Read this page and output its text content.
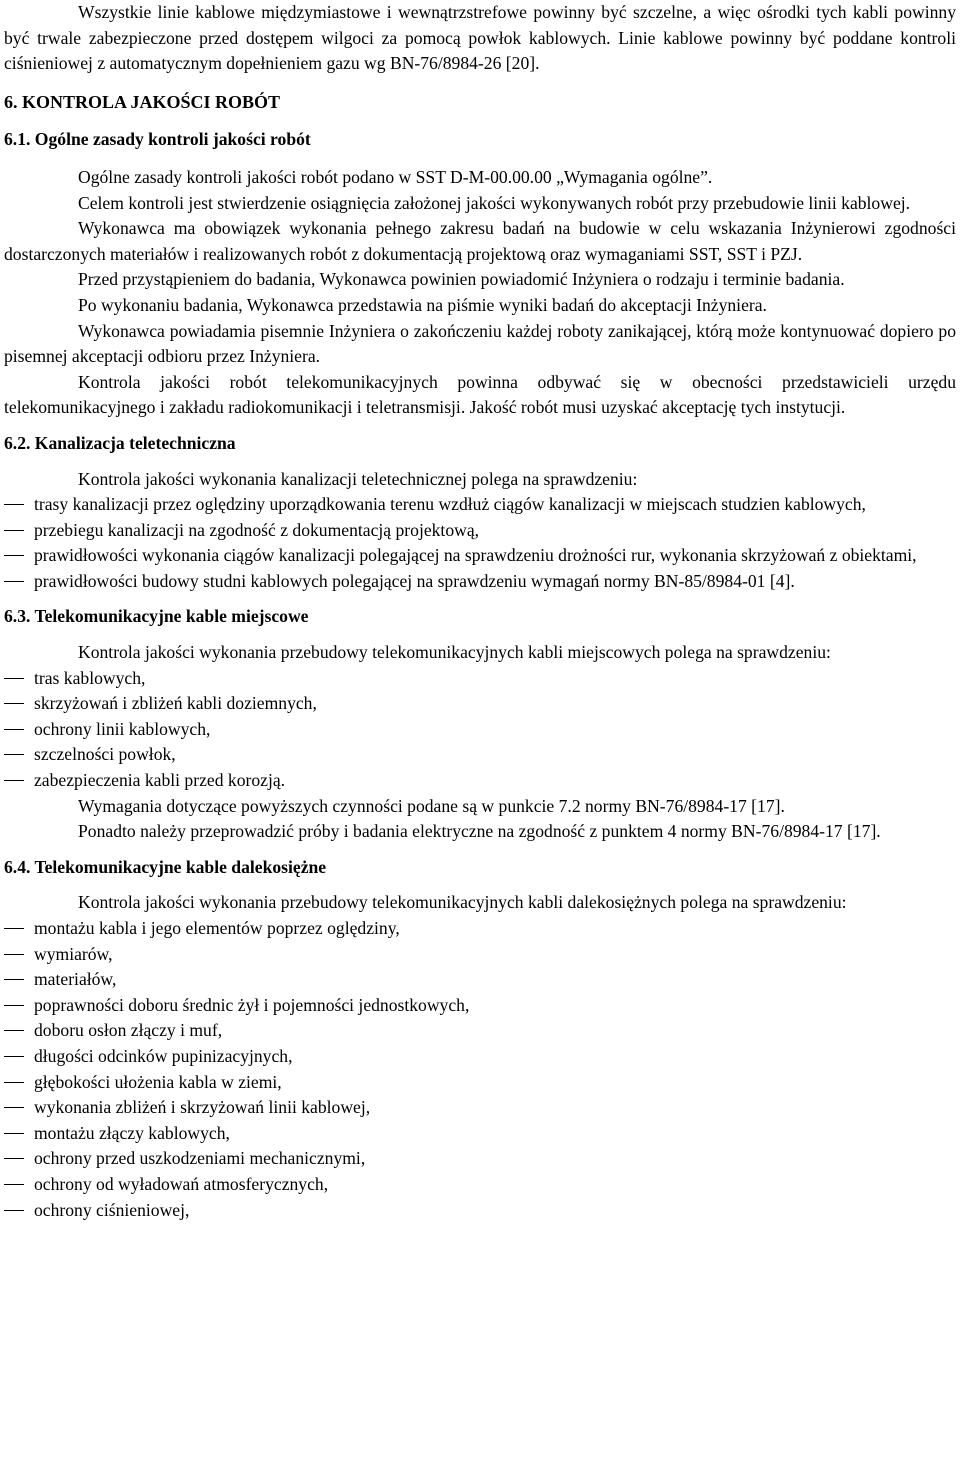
Wszystkie linie kablowe międzymiastowe i wewnątrzstrefowe powinny być szczelne, a więc ośrodki tych kabli powinny być trwale zabezpieczone przed dostępem wilgoci za pomocą powłok kablowych. Linie kablowe powinny być poddane kontroli ciśnieniowej z automatycznym dopełnieniem gazu wg BN-76/8984-26 [20].

6. KONTROLA JAKOŚCI ROBÓT
6.1. Ogólne zasady kontroli jakości robót

Ogólne zasady kontroli jakości robót podano w SST D-M-00.00.00 „Wymagania ogólne”.

Celem kontroli jest stwierdzenie osiągnięcia założonej jakości wykonywanych robót przy przebudowie linii kablowej.

Wykonawca ma obowiązek wykonania pełnego zakresu badań na budowie w celu wskazania Inżynierowi zgodności dostarczonych materiałów i realizowanych robót z dokumentacją projektową oraz wymaganiami SST, SST i PZJ.

Przed przystąpieniem do badania, Wykonawca powinien powiadomić Inżyniera o rodzaju i terminie badania.

Po wykonaniu badania, Wykonawca przedstawia na piśmie wyniki badań do akceptacji Inżyniera.

Wykonawca powiadamia pisemnie Inżyniera o zakończeniu każdej roboty zanikającej, którą może kontynuować dopiero po pisemnej akceptacji odbioru przez Inżyniera.

Kontrola jakości robót telekomunikacyjnych powinna odbywać się w obecności przedstawicieli urzędu telekomunikacyjnego i zakładu radiokomunikacji i teletransmisji. Jakość robót musi uzyskać akceptację tych instytucji.

6.2. Kanalizacja teletechniczna

Kontrola jakości wykonania kanalizacji teletechnicznej polega na sprawdzeniu:

trasy kanalizacji przez oględziny uporządkowania terenu wzdłuż ciągów kanalizacji w miejscach studzien kablowych,
przebiegu kanalizacji na zgodność z dokumentacją projektową,
prawidłowości wykonania ciągów kanalizacji polegającej na sprawdzeniu drożności rur, wykonania skrzyżowań z obiektami,
prawidłowości budowy studni kablowych polegającej na sprawdzeniu wymagań normy BN-85/8984-01 [4].
6.3. Telekomunikacyjne kable miejscowe

Kontrola jakości wykonania przebudowy telekomunikacyjnych kabli miejscowych polega na sprawdzeniu:

tras kablowych,
skrzyżowań i zbliżeń kabli doziemnych,
ochrony linii kablowych,
szczelności powłok,
zabezpieczenia kabli przed korozją.

Wymagania dotyczące powyższych czynności podane są w punkcie 7.2 normy BN-76/8984-17 [17].

Ponadto należy przeprowadzić próby i badania elektryczne na zgodność z punktem 4 normy BN-76/8984-17 [17].

6.4. Telekomunikacyjne kable dalekosiężne

Kontrola jakości wykonania przebudowy telekomunikacyjnych kabli dalekosiężnych polega na sprawdzeniu:

montażu kabla i jego elementów poprzez oględziny,
wymiarów,
materiałów,
poprawności doboru średnic żył i pojemności jednostkowych,
doboru osłon złączy i muf,
długości odcinków pupinizacyjnych,
głębokości ułożenia kabla w ziemi,
wykonania zbliżeń i skrzyżowań linii kablowej,
montażu złączy kablowych,
ochrony przed uszkodzeniami mechanicznymi,
ochrony od wyładowań atmosferycznych,
ochrony ciśnieniowej,
